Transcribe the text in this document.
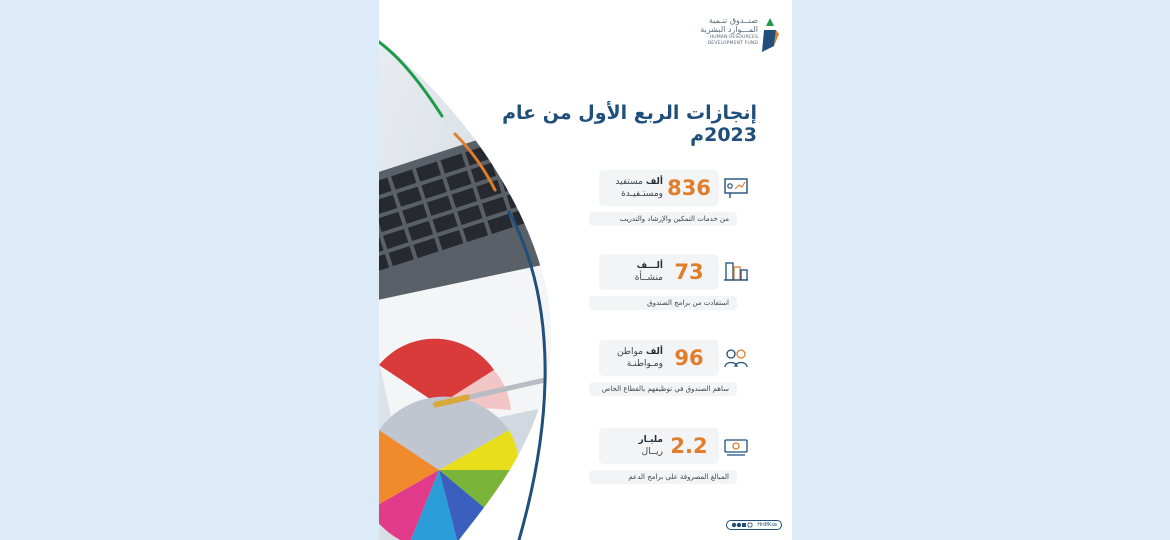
صنــدوق تنـمية
المـــوارد البشرية
HUMAN RESOURCES
DEVELOPMENT FUND
إنجازات الربع الأول من عام 2023م
836
ألف مستفيد
ومستـفيـدة
من خدمات التمكين والإرشاد والتدريب
73
ألـــف
منشــأة
استفادت من برامج الصندوق
96
ألف مواطن
ومـواطنـة
ساهم الصندوق في توظيفهم بالقطاع الخاص
2.2
مليـار
ريــال
المبالغ المصروفة على برامج الدعم
HrdfKsa
